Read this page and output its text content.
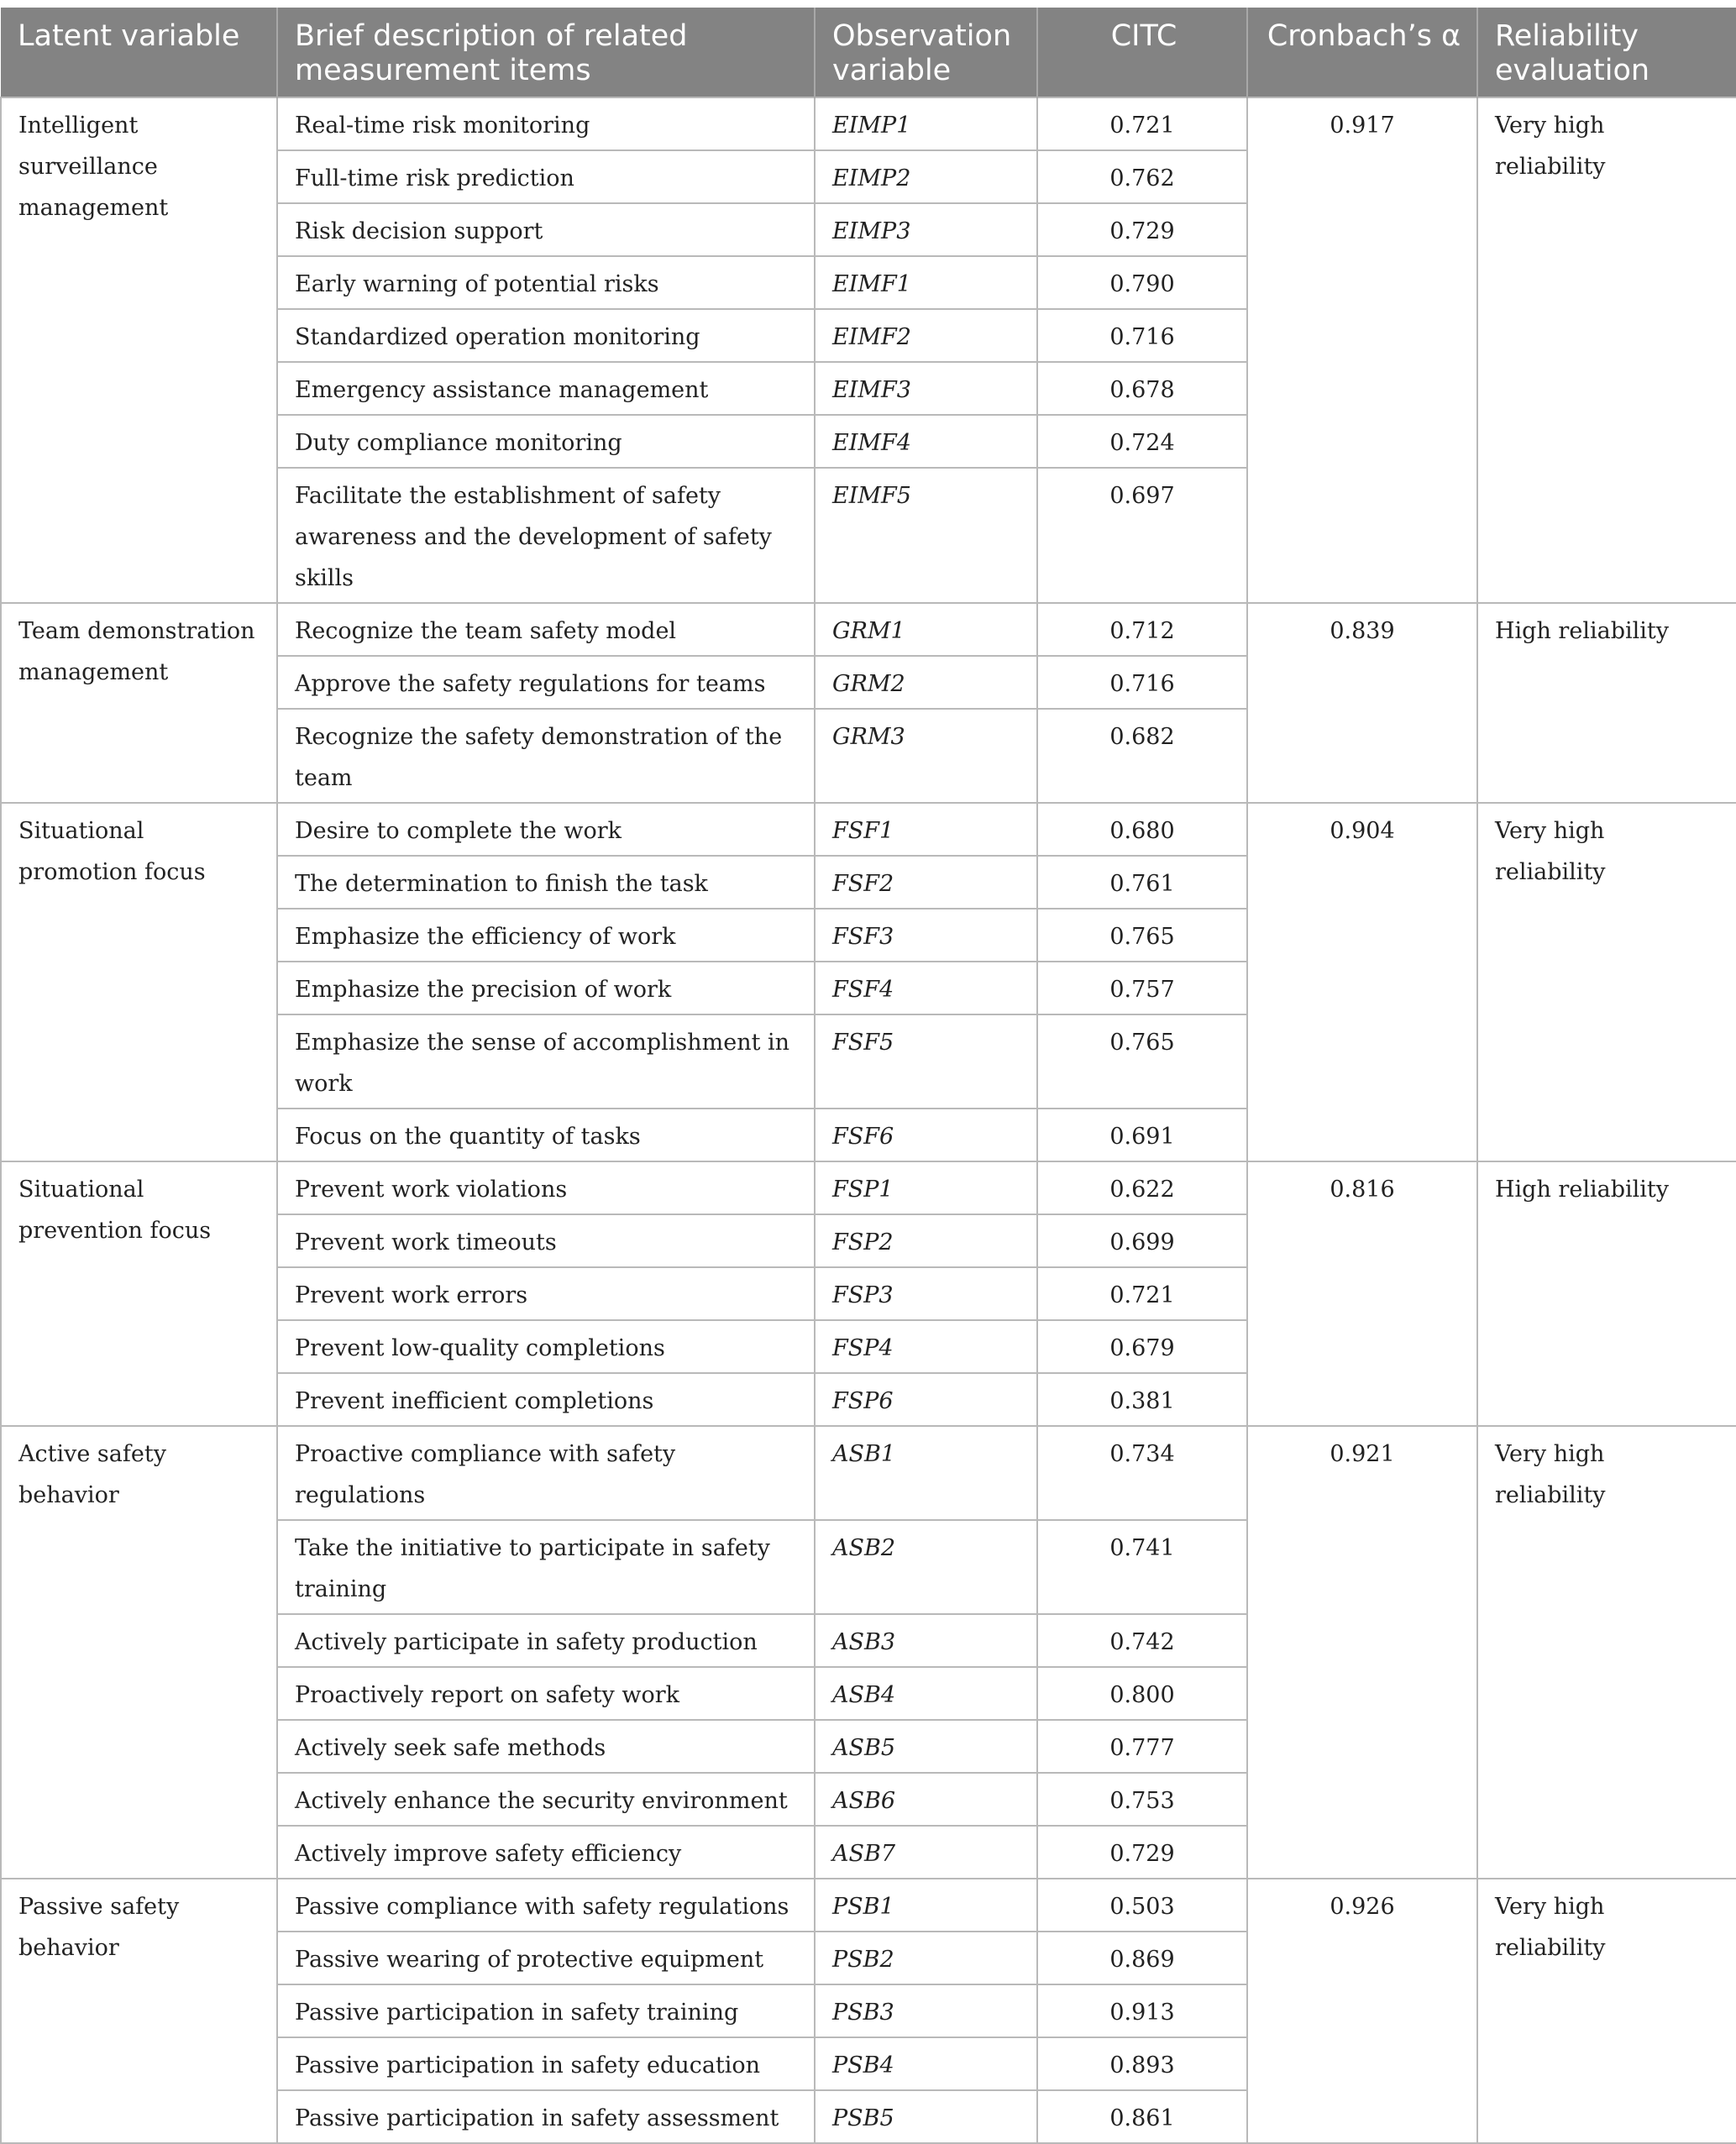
Latent variable	Brief description of related measurement items	Observation variable	CITC	Cronbach’s α	Reliability evaluation
Intelligent surveillance management	Real-time risk monitoring	EIMP1	0.721	0.917	Very high reliability
	Full-time risk prediction	EIMP2	0.762		
	Risk decision support	EIMP3	0.729		
	Early warning of potential risks	EIMF1	0.790		
	Standardized operation monitoring	EIMF2	0.716		
	Emergency assistance management	EIMF3	0.678		
	Duty compliance monitoring	EIMF4	0.724		
	Facilitate the establishment of safety awareness and the development of safety skills	EIMF5	0.697		
Team demonstration management	Recognize the team safety model	GRM1	0.712	0.839	High reliability
	Approve the safety regulations for teams	GRM2	0.716		
	Recognize the safety demonstration of the team	GRM3	0.682		
Situational promotion focus	Desire to complete the work	FSF1	0.680	0.904	Very high reliability
	The determination to finish the task	FSF2	0.761		
	Emphasize the efficiency of work	FSF3	0.765		
	Emphasize the precision of work	FSF4	0.757		
	Emphasize the sense of accomplishment in work	FSF5	0.765		
	Focus on the quantity of tasks	FSF6	0.691		
Situational prevention focus	Prevent work violations	FSP1	0.622	0.816	High reliability
	Prevent work timeouts	FSP2	0.699		
	Prevent work errors	FSP3	0.721		
	Prevent low-quality completions	FSP4	0.679		
	Prevent inefficient completions	FSP6	0.381		
Active safety behavior	Proactive compliance with safety regulations	ASB1	0.734	0.921	Very high reliability
	Take the initiative to participate in safety training	ASB2	0.741		
	Actively participate in safety production	ASB3	0.742		
	Proactively report on safety work	ASB4	0.800		
	Actively seek safe methods	ASB5	0.777		
	Actively enhance the security environment	ASB6	0.753		
	Actively improve safety efficiency	ASB7	0.729		
Passive safety behavior	Passive compliance with safety regulations	PSB1	0.503	0.926	Very high reliability
	Passive wearing of protective equipment	PSB2	0.869		
	Passive participation in safety training	PSB3	0.913		
	Passive participation in safety education	PSB4	0.893		
	Passive participation in safety assessment	PSB5	0.861		
